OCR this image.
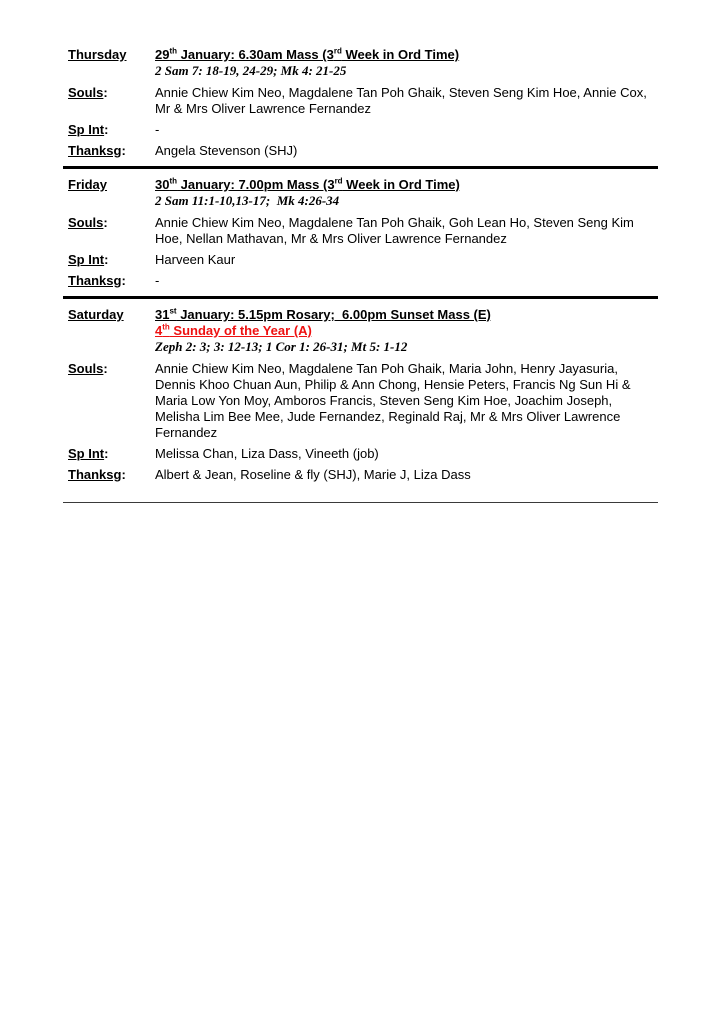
Thursday	29th January: 6.30am Mass (3rd Week in Ord Time)
2 Sam 7: 18-19, 24-29; Mk 4: 21-25
Souls:	Annie Chiew Kim Neo, Magdalene Tan Poh Ghaik, Steven Seng Kim Hoe, Annie Cox, Mr & Mrs Oliver Lawrence Fernandez
Sp Int:	-
Thanksg:	Angela Stevenson (SHJ)
Friday	30th January: 7.00pm Mass (3rd Week in Ord Time)
2 Sam 11:1-10,13-17;  Mk 4:26-34
Souls:	Annie Chiew Kim Neo, Magdalene Tan Poh Ghaik, Goh Lean Ho, Steven Seng Kim Hoe, Nellan Mathavan, Mr & Mrs Oliver Lawrence Fernandez
Sp Int:	Harveen Kaur
Thanksg:	-
Saturday	31st January: 5.15pm Rosary;  6.00pm Sunset Mass (E)
4th Sunday of the Year (A)
Zeph 2: 3; 3: 12-13; 1 Cor 1: 26-31; Mt 5: 1-12
Souls:	Annie Chiew Kim Neo, Magdalene Tan Poh Ghaik, Maria John, Henry Jayasuria, Dennis Khoo Chuan Aun, Philip & Ann Chong, Hensie Peters, Francis Ng Sun Hi & Maria Low Yon Moy, Amboros Francis, Steven Seng Kim Hoe, Joachim Joseph, Melisha Lim Bee Mee, Jude Fernandez, Reginald Raj, Mr & Mrs Oliver Lawrence Fernandez
Sp Int:	Melissa Chan, Liza Dass, Vineeth (job)
Thanksg:	Albert & Jean, Roseline & fly (SHJ), Marie J, Liza Dass
